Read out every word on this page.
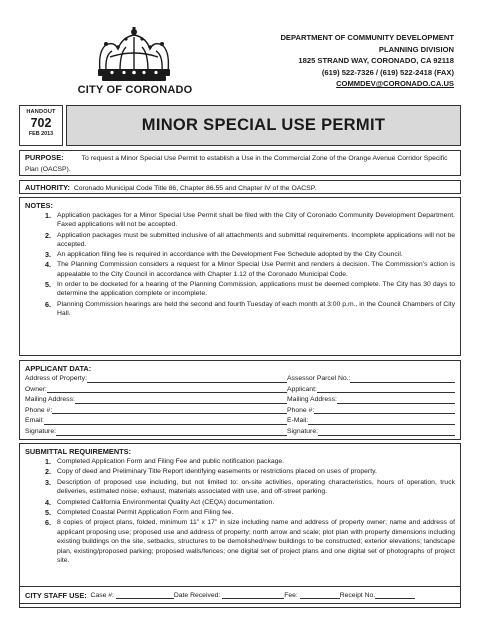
CITY OF CORONADO
DEPARTMENT OF COMMUNITY DEVELOPMENT
PLANNING DIVISION
1825 STRAND WAY, CORONADO, CA 92118
(619) 522-7326 / (619) 522-2418 (FAX)
COMMDEV@CORONADO.CA.US
HANDOUT
702
FEB 2013	MINOR SPECIAL USE PERMIT
PURPOSE:	To request a Minor Special Use Permit to establish a Use in the Commercial Zone of the Orange Avenue Corridor Specific Plan (OACSP).
AUTHORITY: Coronado Municipal Code Title 86, Chapter 86.55 and Chapter IV of the OACSP.
NOTES:
1. Application packages for a Minor Special Use Permit shall be filed with the City of Coronado Community Development Department. Faxed applications will not be accepted.
2. Application packages must be submitted inclusive of all attachments and submittal requirements. Incomplete applications will not be accepted.
3. An application filing fee is required in accordance with the Development Fee Schedule adopted by the City Council.
4. The Planning Commission considers a request for a Minor Special Use Permit and renders a decision. The Commission’s action is appealable to the City Council in accordance with Chapter 1.12 of the Coronado Municipal Code.
5. In order to be docketed for a hearing of the Planning Commission, applications must be deemed complete. The City has 30 days to determine the application complete or incomplete.
6. Planning Commission hearings are held the second and fourth Tuesday of each month at 3:00 p.m., in the Council Chambers of City Hall.
APPLICANT DATA:
Address of Property:	Assessor Parcel No.:
Owner:	Applicant:
Mailing Address:	Mailing Address:
Phone #:	Phone #:
Email:	E-Mail:
Signature:	Signature:
SUBMITTAL REQUIREMENTS:
1. Completed Application Form and Filing Fee and public notification package.
2. Copy of deed and Preliminary Title Report identifying easements or restrictions placed on uses of property.
3. Description of proposed use including, but not limited to: on-site activities, operating characteristics, hours of operation, truck deliveries, estimated noise, exhaust, materials associated with use, and off-street parking.
4. Completed California Environmental Quality Act (CEQA) documentation.
5. Completed Coastal Permit Application Form and Filing fee.
6. 8 copies of project plans, folded, minimum 11” x 17” in size including name and address of property owner; name and address of applicant proposing use; proposed use and address of property; north arrow and scale; plot plan with property dimensions including existing buildings on the site, setbacks, structures to be demolished/new buildings to be constructed; exterior elevations; landscape plan, existing/proposed parking; proposed walls/fences; one digital set of project plans and one digital set of photographs of project site.
CITY STAFF USE:
Case #:
	Date Received:
	Fee:
	Receipt No.
